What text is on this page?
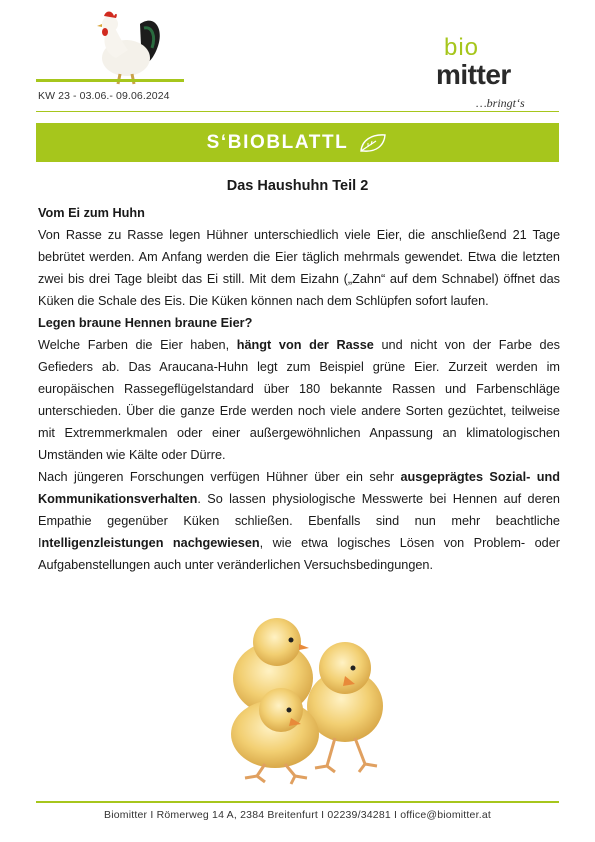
KW 23 - 03.06.- 09.06.2024
bio
mitter
…bringt‘s
S‘BIOBLATTL
Das Haushuhn Teil 2

Vom Ei zum Huhn

Von Rasse zu Rasse legen Hühner unterschiedlich viele Eier, die anschließend 21 Tage bebrütet werden. Am Anfang werden die Eier täglich mehrmals gewendet. Etwa die letzten zwei bis drei Tage bleibt das Ei still. Mit dem Eizahn („Zahn“ auf dem Schnabel) öffnet das Küken die Schale des Eis. Die Küken können nach dem Schlüpfen sofort laufen.

Legen braune Hennen braune Eier?

Welche Farben die Eier haben, hängt von der Rasse und nicht von der Farbe des Gefieders ab. Das Araucana-Huhn legt zum Beispiel grüne Eier. Zurzeit werden im europäischen Rassegeflügelstandard über 180 bekannte Rassen und Farbenschläge unterschieden. Über die ganze Erde werden noch viele andere Sorten gezüchtet, teilweise mit Extremmerkmalen oder einer außergewöhnlichen Anpassung an klimatologischen Umständen wie Kälte oder Dürre.

Nach jüngeren Forschungen verfügen Hühner über ein sehr ausgeprägtes Sozial- und Kommunikationsverhalten. So lassen physiologische Messwerte bei Hennen auf deren Empathie gegenüber Küken schließen. Ebenfalls sind nun mehr beachtliche Intelligenzleistungen nachgewiesen, wie etwa logisches Lösen von Problem- oder Aufgabenstellungen auch unter veränderlichen Versuchsbedingungen.

Biomitter I Römerweg 14 A, 2384 Breitenfurt I 02239/34281 I office@biomitter.at
